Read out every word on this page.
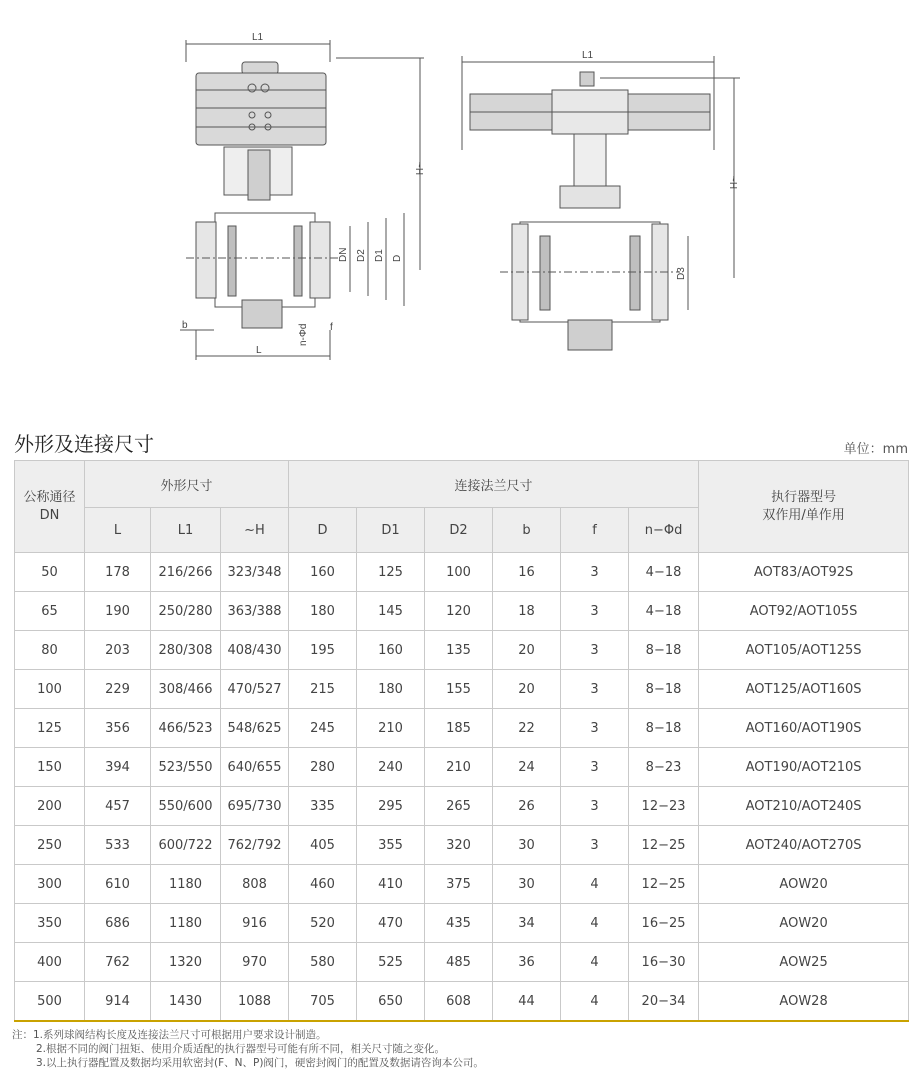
L1
~H
DN D2 D1 D
b
L
n-Φd f
L1
~H
D3
外形及连接尺寸	单位：mm
公称通径
DN	外形尺寸			连接法兰尺寸						执行器型号
双作用/单作用

	L	L1	~H	D	D1	D2	b	f	n−Φd	
50	178	216/266	323/348	160	125	100	16	3	4−18	AOT83/AOT92S
65	190	250/280	363/388	180	145	120	18	3	4−18	AOT92/AOT105S
80	203	280/308	408/430	195	160	135	20	3	8−18	AOT105/AOT125S
100	229	308/466	470/527	215	180	155	20	3	8−18	AOT125/AOT160S
125	356	466/523	548/625	245	210	185	22	3	8−18	AOT160/AOT190S
150	394	523/550	640/655	280	240	210	24	3	8−23	AOT190/AOT210S
200	457	550/600	695/730	335	295	265	26	3	12−23	AOT210/AOT240S
250	533	600/722	762/792	405	355	320	30	3	12−25	AOT240/AOT270S
300	610	1180	808	460	410	375	30	4	12−25	AOW20
350	686	1180	916	520	470	435	34	4	16−25	AOW20
400	762	1320	970	580	525	485	36	4	16−30	AOW25
500	914	1430	1088	705	650	608	44	4	20−34	AOW28
注：1.系列球阀结构长度及连接法兰尺寸可根据用户要求设计制造。
2.根据不同的阀门扭矩、使用介质适配的执行器型号可能有所不同，相关尺寸随之变化。
3.以上执行器配置及数据均采用软密封(F、N、P)阀门，硬密封阀门的配置及数据请咨询本公司。
